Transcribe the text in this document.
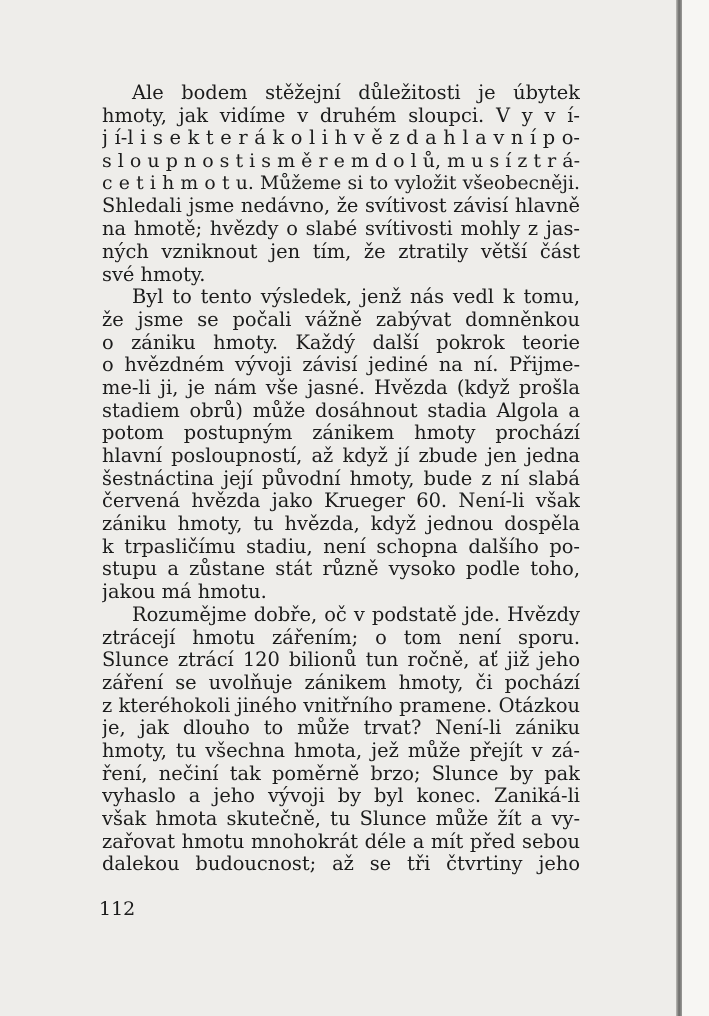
Ale bodem stěžejní důležitosti je úbytek
hmoty, jak vidíme v druhém sloupci. V y v í-
j í-l i s e k t e r á k o l i h v ě z d a h l a v n í p o-
s l o u p n o s t i s m ě r e m d o l ů, m u s í z t r á-
c e t i h m o t u. Můžeme si to vyložit všeobecněji.
Shledali jsme nedávno, že svítivost závisí hlavně
na hmotě; hvězdy o slabé svítivosti mohly z jas-
ných vzniknout jen tím, že ztratily větší část
své hmoty.
Byl to tento výsledek, jenž nás vedl k tomu,
že jsme se počali vážně zabývat domněnkou
o zániku hmoty. Každý další pokrok teorie
o hvězdném vývoji závisí jediné na ní. Přijme-
me-li ji, je nám vše jasné. Hvězda (když prošla
stadiem obrů) může dosáhnout stadia Algola a
potom postupným zánikem hmoty prochází
hlavní posloupností, až když jí zbude jen jedna
šestnáctina její původní hmoty, bude z ní slabá
červená hvězda jako Krueger 60. Není-li však
zániku hmoty, tu hvězda, když jednou dospěla
k trpasličímu stadiu, není schopna dalšího po-
stupu a zůstane stát různě vysoko podle toho,
jakou má hmotu.
Rozumějme dobře, oč v podstatě jde. Hvězdy
ztrácejí hmotu zářením; o tom není sporu.
Slunce ztrácí 120 bilionů tun ročně, ať již jeho
záření se uvolňuje zánikem hmoty, či pochází
z kteréhokoli jiného vnitřního pramene. Otázkou
je, jak dlouho to může trvat? Není-li zániku
hmoty, tu všechna hmota, jež může přejít v zá-
ření, nečiní tak poměrně brzo; Slunce by pak
vyhaslo a jeho vývoji by byl konec. Zaniká-li
však hmota skutečně, tu Slunce může žít a vy-
zařovat hmotu mnohokrát déle a mít před sebou
dalekou budoucnost; až se tři čtvrtiny jeho
112
